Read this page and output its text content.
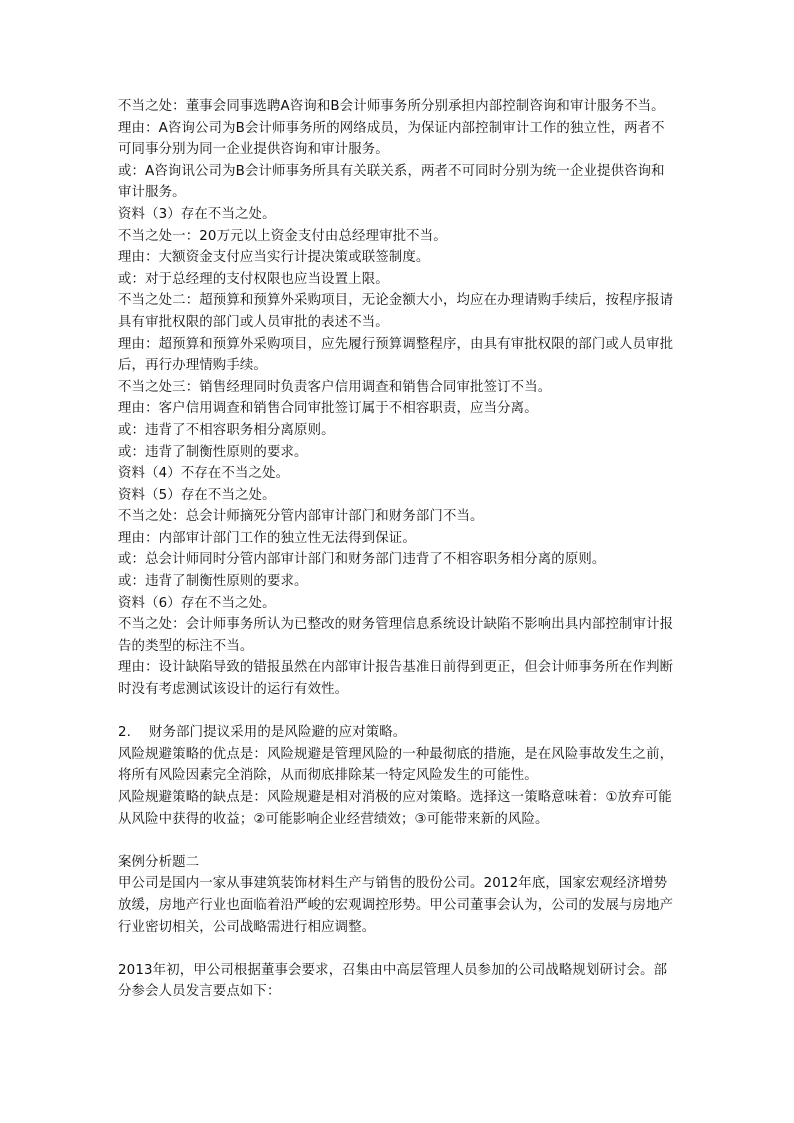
不当之处：董事会同事选聘A咨询和B会计师事务所分别承担内部控制咨询和审计服务不当。

理由：A咨询公司为B会计师事务所的网络成员，为保证内部控制审计工作的独立性，两者不可同事分别为同一企业提供咨询和审计服务。

或：A咨询讯公司为B会计师事务所具有关联关系，两者不可同时分别为统一企业提供咨询和审计服务。

资料（3）存在不当之处。

不当之处一：20万元以上资金支付由总经理审批不当。

理由：大额资金支付应当实行计提决策或联签制度。

或：对于总经理的支付权限也应当设置上限。

不当之处二：超预算和预算外采购项目，无论金额大小，均应在办理请购手续后，按程序报请具有审批权限的部门或人员审批的表述不当。

理由：超预算和预算外采购项目，应先履行预算调整程序，由具有审批权限的部门或人员审批后，再行办理情购手续。

不当之处三：销售经理同时负责客户信用调查和销售合同审批签订不当。

理由：客户信用调查和销售合同审批签订属于不相容职责，应当分离。

或：违背了不相容职务相分离原则。

或：违背了制衡性原则的要求。

资料（4）不存在不当之处。

资料（5）存在不当之处。

不当之处：总会计师摘死分管内部审计部门和财务部门不当。

理由：内部审计部门工作的独立性无法得到保证。

或：总会计师同时分管内部审计部门和财务部门违背了不相容职务相分离的原则。

或：违背了制衡性原则的要求。

资料（6）存在不当之处。

不当之处：会计师事务所认为已整改的财务管理信息系统设计缺陷不影响出具内部控制审计报告的类型的标注不当。

理由：设计缺陷导致的错报虽然在内部审计报告基准日前得到更正，但会计师事务所在作判断时没有考虑测试该设计的运行有效性。

2.　 财务部门提议采用的是风险避的应对策略。

风险规避策略的优点是：风险规避是管理风险的一种最彻底的措施，是在风险事故发生之前，将所有风险因素完全消除，从而彻底排除某一特定风险发生的可能性。

风险规避策略的缺点是：风险规避是相对消极的应对策略。选择这一策略意味着：①放弃可能从风险中获得的收益；②可能影响企业经营绩效；③可能带来新的风险。

案例分析题二

甲公司是国内一家从事建筑装饰材料生产与销售的股份公司。2012年底，国家宏观经济增势放缓，房地产行业也面临着沿严峻的宏观调控形势。甲公司董事会认为，公司的发展与房地产行业密切相关，公司战略需进行相应调整。

2013年初，甲公司根据董事会要求，召集由中高层管理人员参加的公司战略规划研讨会。部分参会人员发言要点如下：
